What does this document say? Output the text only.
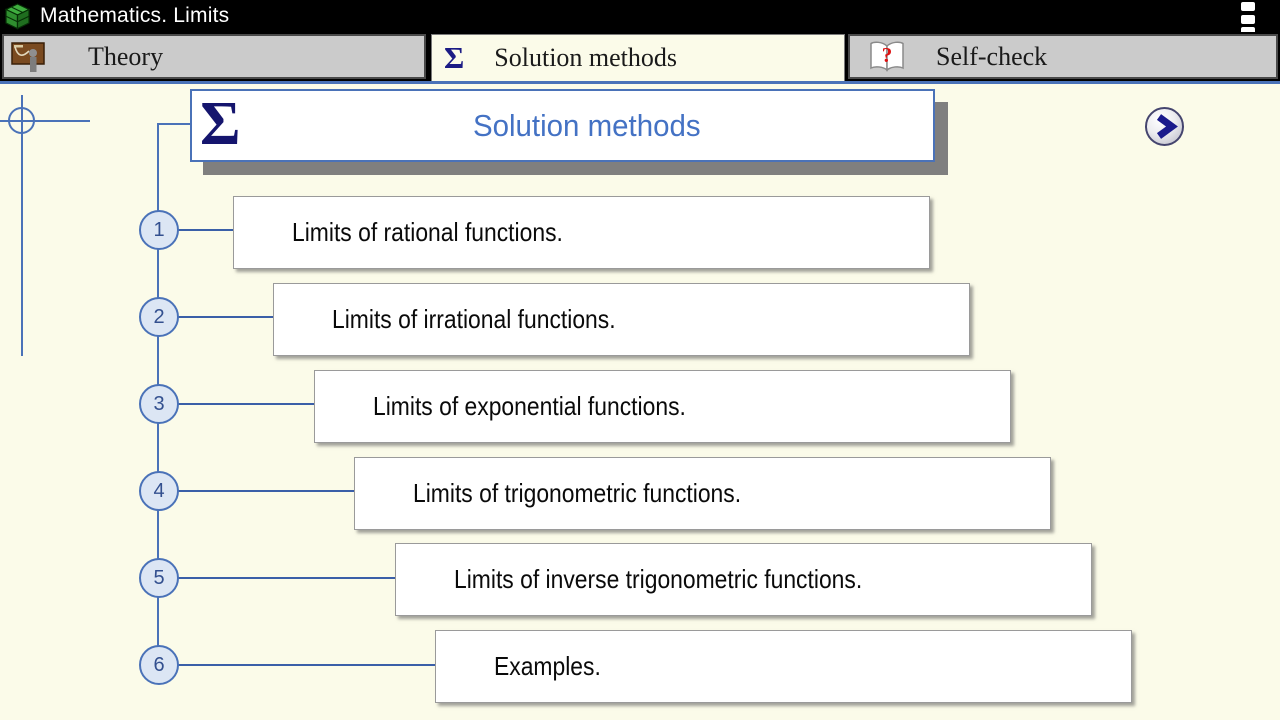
Mathematics. Limits
Theory	Σ Solution methods	? Self-check
Σ	Solution methods
1
2
3
4
5
6
Limits of rational functions.
Limits of irrational functions.
Limits of exponential functions.
Limits of trigonometric functions.
Limits of inverse trigonometric functions.
Examples.
